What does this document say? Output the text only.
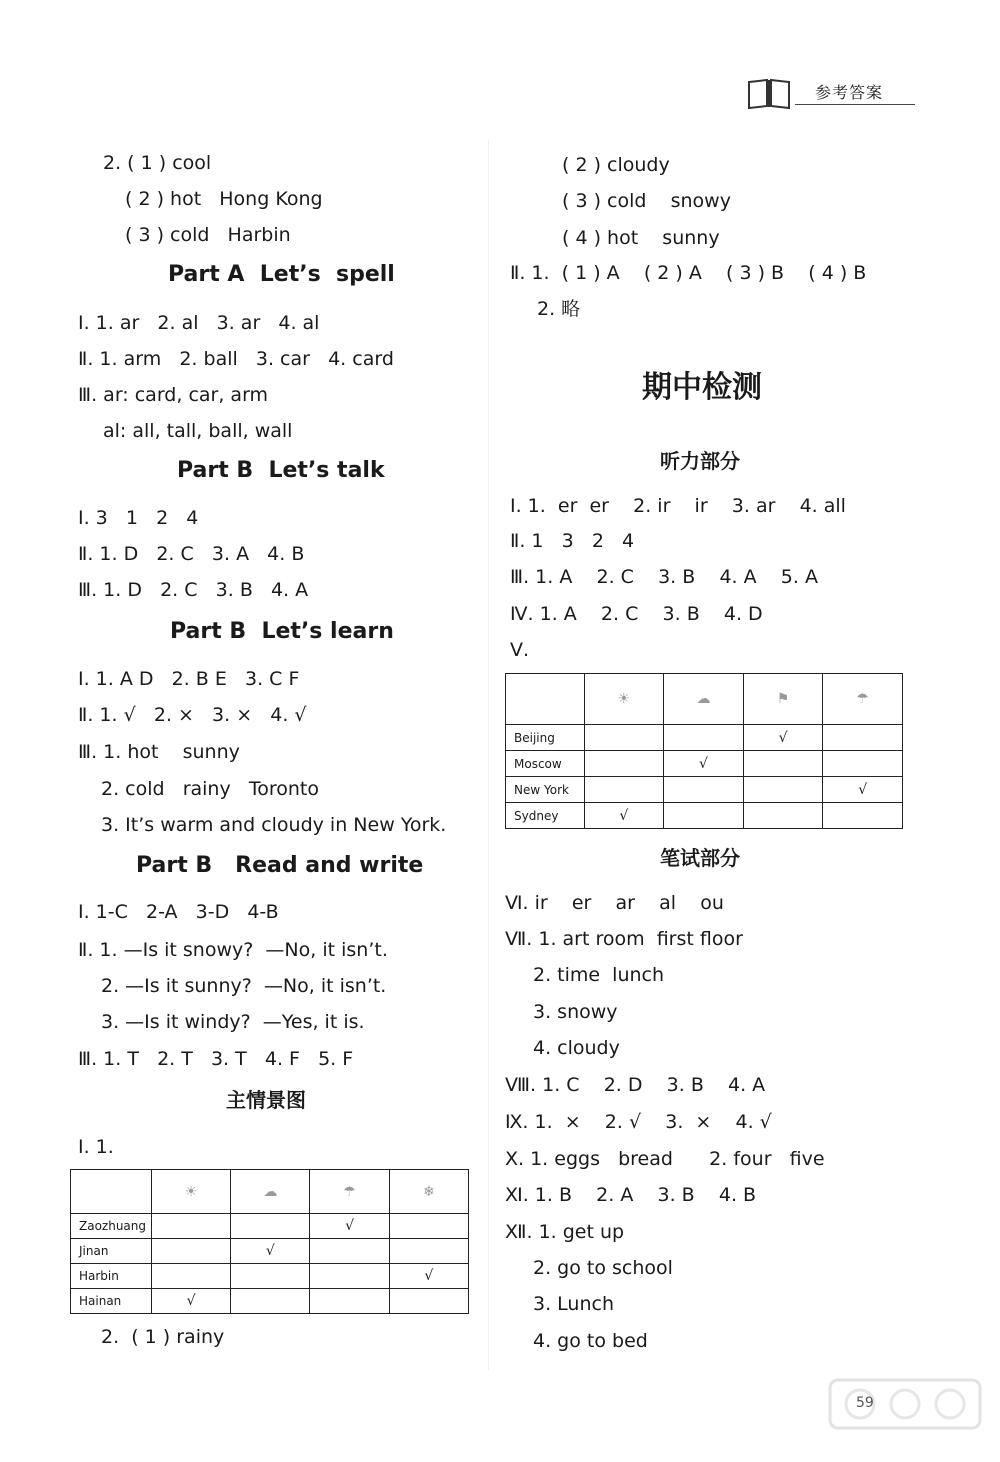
参考答案
2. ( 1 ) cool
( 2 ) hot   Hong Kong
( 3 ) cold   Harbin
Part A  Let’s  spell
Ⅰ. 1. ar   2. al   3. ar   4. al
Ⅱ. 1. arm   2. ball   3. car   4. card
Ⅲ. ar: card, car, arm
al: all, tall, ball, wall
Part B  Let’s talk
Ⅰ. 3   1   2   4
Ⅱ. 1. D   2. C   3. A   4. B
Ⅲ. 1. D   2. C   3. B   4. A
Part B  Let’s learn
Ⅰ. 1. A D   2. B E   3. C F
Ⅱ. 1. √   2. ×   3. ×   4. √
Ⅲ. 1. hot    sunny
2. cold   rainy   Toronto
3. It’s warm and cloudy in New York.
Part B   Read and write
Ⅰ. 1-C   2-A   3-D   4-B
Ⅱ. 1. —Is it snowy?  —No, it isn’t.
2. —Is it sunny?  —No, it isn’t.
3. —Is it windy?  —Yes, it is.
Ⅲ. 1. T   2. T   3. T   4. F   5. F
主情景图
Ⅰ. 1.
	☀	☁	☂	❄
Zaozhuang			√	
Jinan		√		
Harbin				√
Hainan	√			
2.  ( 1 ) rainy
( 2 ) cloudy
( 3 ) cold    snowy
( 4 ) hot    sunny
Ⅱ. 1.  ( 1 ) A    ( 2 ) A    ( 3 ) B    ( 4 ) B
2. 略
期中检测
听力部分
Ⅰ. 1.  er  er    2. ir    ir    3. ar    4. all
Ⅱ. 1   3   2   4
Ⅲ. 1. A    2. C    3. B    4. A    5. A
Ⅳ. 1. A    2. C    3. B    4. D
Ⅴ.
	☀	☁	⚑	☂
Beijing			√	
Moscow		√		
New York				√
Sydney	√			
笔试部分
Ⅵ. ir    er    ar    al    ou
Ⅶ. 1. art room  first floor
2. time  lunch
3. snowy
4. cloudy
Ⅷ. 1. C    2. D    3. B    4. A
Ⅸ. 1.  ×    2. √    3.  ×    4. √
Ⅹ. 1. eggs   bread      2. four   five
Ⅺ. 1. B    2. A    3. B    4. B
Ⅻ. 1. get up
2. go to school
3. Lunch
4. go to bed
59
